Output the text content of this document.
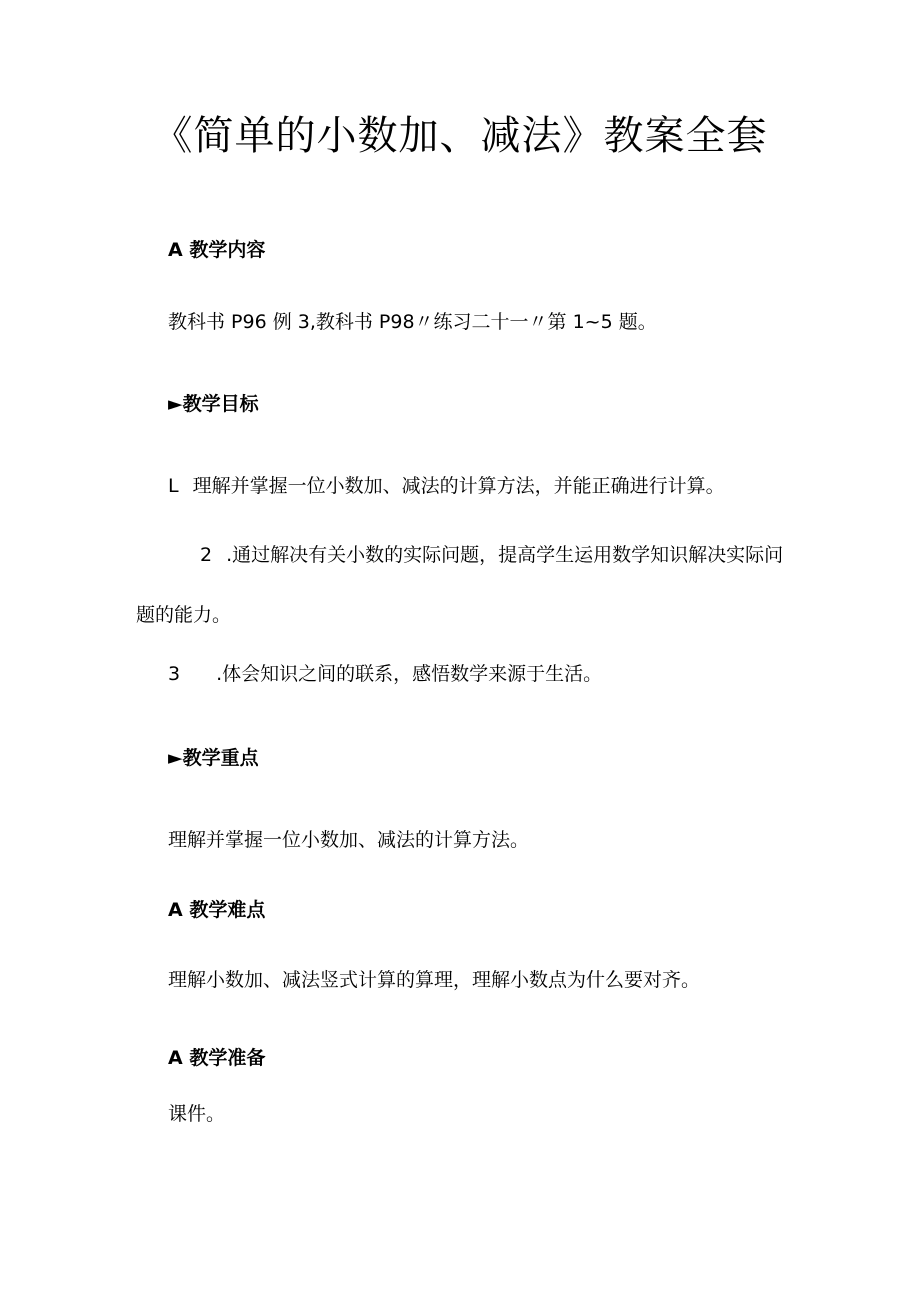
《简单的小数加、减法》教案全套
A 教学内容
教科书 P96 例 3,教科书 P98〃练习二十一〃第 1~5 题。
►教学目标
L 理解并掌握一位小数加、减法的计算方法，并能正确进行计算。
2 .通过解决有关小数的实际问题，提高学生运用数学知识解决实际问题的能力。
3 .体会知识之间的联系，感悟数学来源于生活。
►教学重点
理解并掌握一位小数加、减法的计算方法。
A 教学难点
理解小数加、减法竖式计算的算理，理解小数点为什么要对齐。
A 教学准备
课件。
